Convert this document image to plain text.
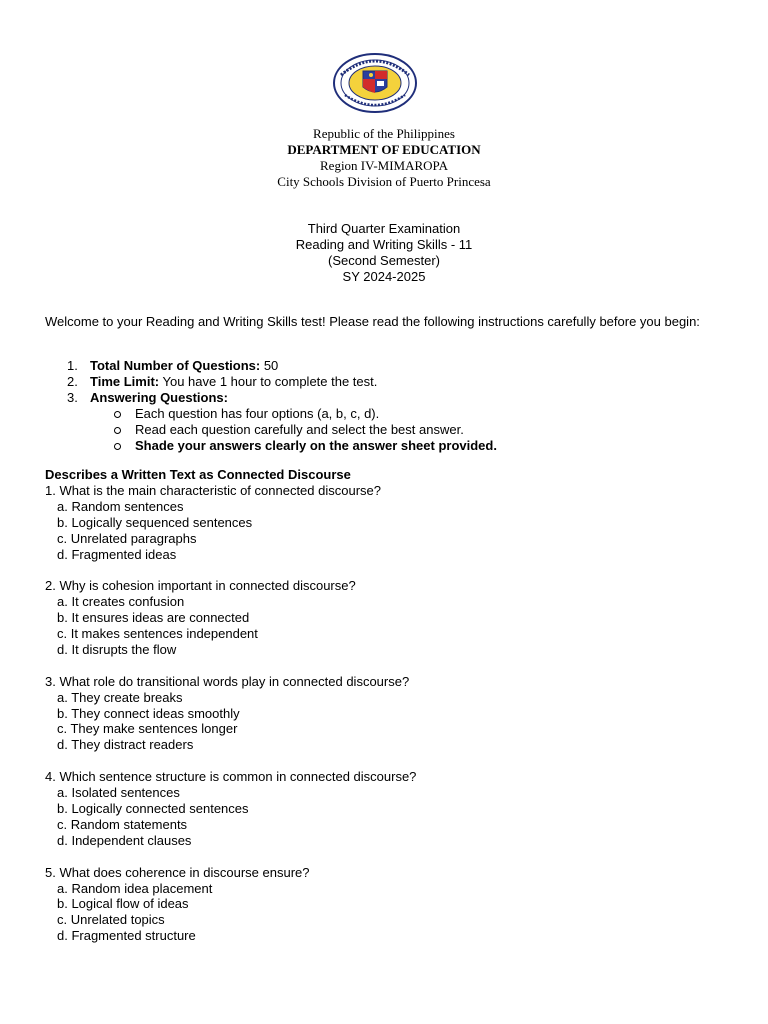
Republic of the Philippines
DEPARTMENT OF EDUCATION
Region IV-MIMAROPA
City Schools Division of Puerto Princesa
Third Quarter Examination
Reading and Writing Skills - 11
(Second Semester)
SY 2024-2025
Welcome to your Reading and Writing Skills test! Please read the following instructions carefully before you begin:
1. Total Number of Questions: 50
2. Time Limit: You have 1 hour to complete the test.
3. Answering Questions:
Each question has four options (a, b, c, d).
Read each question carefully and select the best answer.
Shade your answers clearly on the answer sheet provided.
Describes a Written Text as Connected Discourse
1. What is the main characteristic of connected discourse?
a. Random sentences
b. Logically sequenced sentences
c. Unrelated paragraphs
d. Fragmented ideas
2. Why is cohesion important in connected discourse?
a. It creates confusion
b. It ensures ideas are connected
c. It makes sentences independent
d. It disrupts the flow
3. What role do transitional words play in connected discourse?
a. They create breaks
b. They connect ideas smoothly
c. They make sentences longer
d. They distract readers
4. Which sentence structure is common in connected discourse?
a. Isolated sentences
b. Logically connected sentences
c. Random statements
d. Independent clauses
5. What does coherence in discourse ensure?
a. Random idea placement
b. Logical flow of ideas
c. Unrelated topics
d. Fragmented structure
